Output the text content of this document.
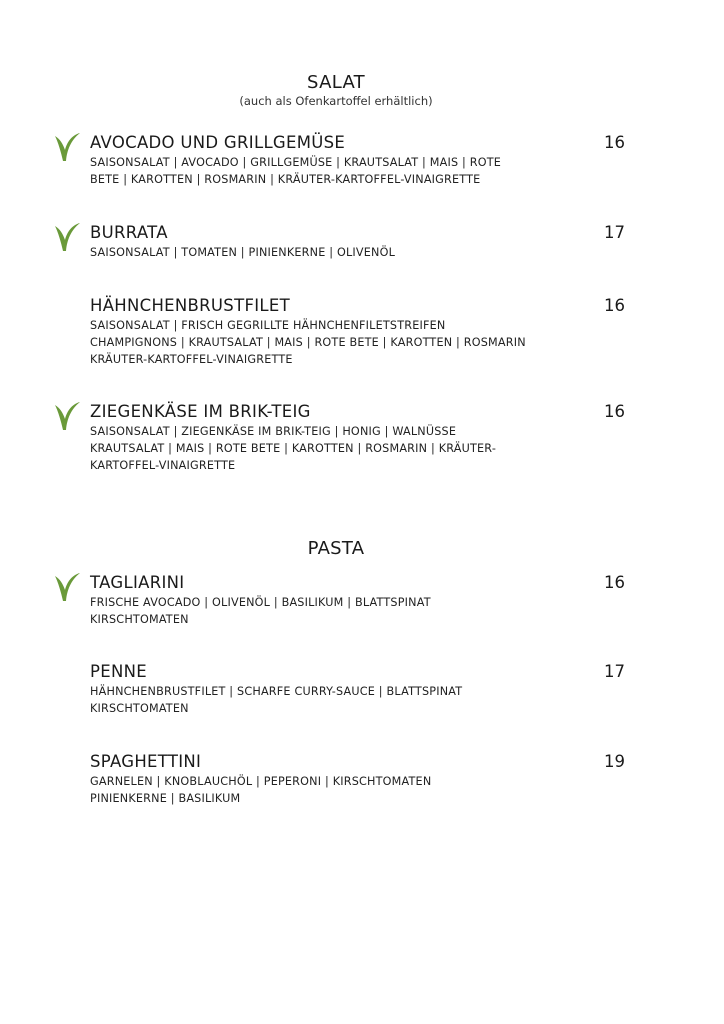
SALAT
(auch als Ofenkartoffel erhältlich)
AVOCADO UND GRILLGEMÜSE	16
SAISONSALAT | AVOCADO | GRILLGEMÜSE | KRAUTSALAT | MAIS | ROTE
BETE | KAROTTEN | ROSMARIN | KRÄUTER-KARTOFFEL-VINAIGRETTE
BURRATA	17
SAISONSALAT | TOMATEN | PINIENKERNE | OLIVENÖL
HÄHNCHENBRUSTFILET	16
SAISONSALAT | FRISCH GEGRILLTE HÄHNCHENFILETSTREIFEN
CHAMPIGNONS | KRAUTSALAT | MAIS | ROTE BETE | KAROTTEN | ROSMARIN
KRÄUTER-KARTOFFEL-VINAIGRETTE
ZIEGENKÄSE IM BRIK-TEIG	16
SAISONSALAT | ZIEGENKÄSE IM BRIK-TEIG | HONIG | WALNÜSSE
KRAUTSALAT | MAIS | ROTE BETE | KAROTTEN | ROSMARIN | KRÄUTER-
KARTOFFEL-VINAIGRETTE
PASTA
TAGLIARINI	16
FRISCHE AVOCADO | OLIVENÖL | BASILIKUM | BLATTSPINAT
KIRSCHTOMATEN
PENNE	17
HÄHNCHENBRUSTFILET | SCHARFE CURRY-SAUCE | BLATTSPINAT
KIRSCHTOMATEN
SPAGHETTINI	19
GARNELEN | KNOBLAUCHÖL | PEPERONI | KIRSCHTOMATEN
PINIENKERNE | BASILIKUM
